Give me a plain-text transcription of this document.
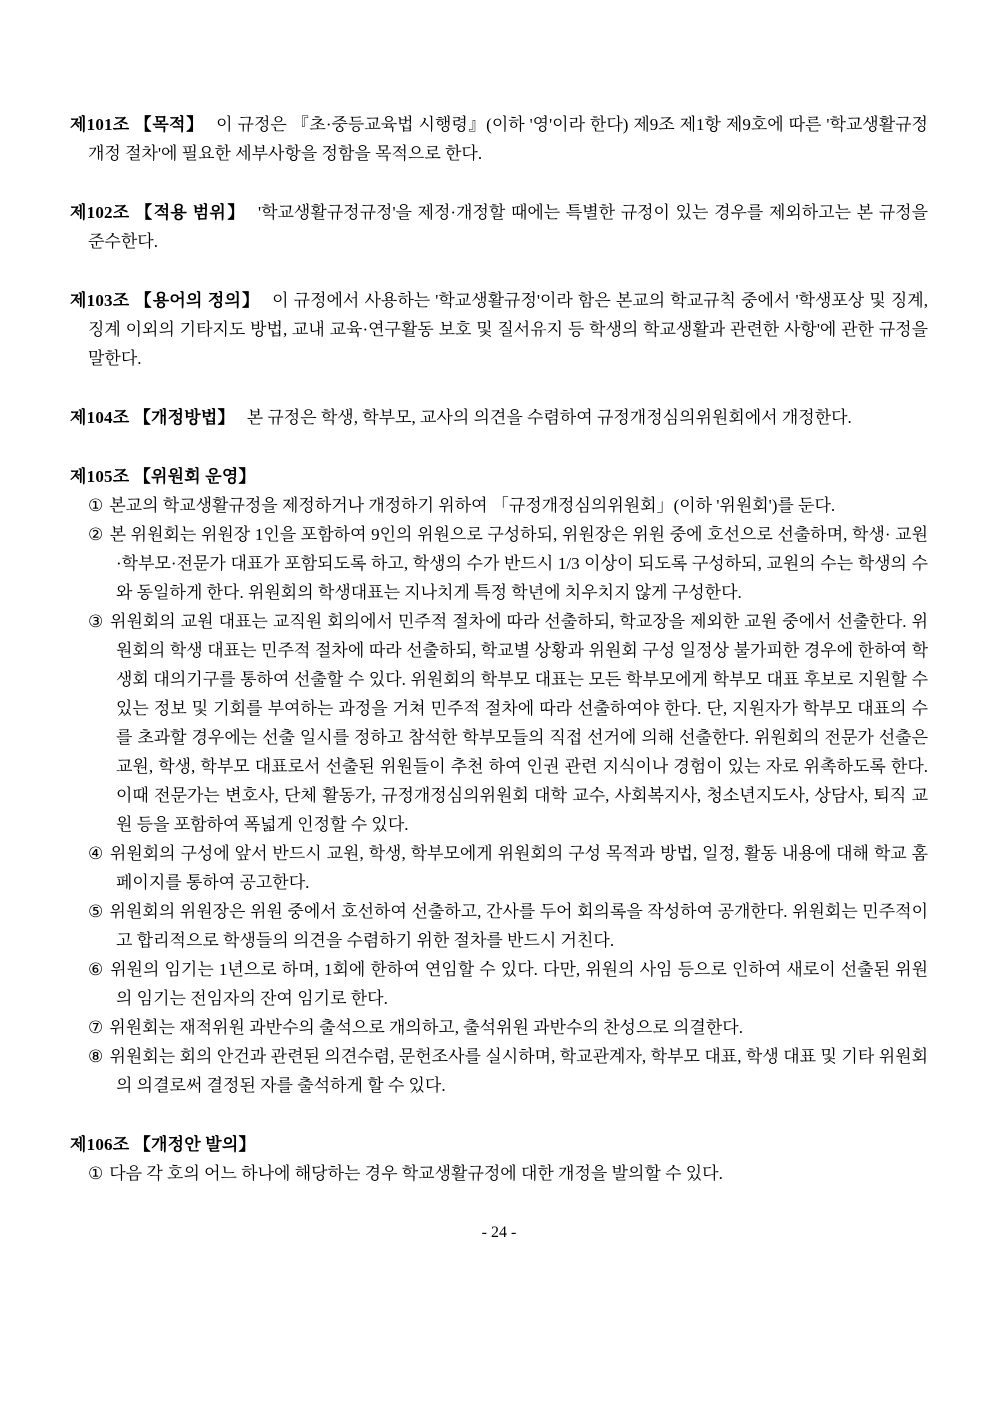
제101조 【목적】 이 규정은 『초·중등교육법 시행령』(이하 '영'이라 한다) 제9조 제1항 제9호에 따른 '학교생활규정 개정 절차'에 필요한 세부사항을 정함을 목적으로 한다.

제102조 【적용 범위】 '학교생활규정규정'을 제정·개정할 때에는 특별한 규정이 있는 경우를 제외하고는 본 규정을 준수한다.

제103조 【용어의 정의】 이 규정에서 사용하는 '학교생활규정'이라 함은 본교의 학교규칙 중에서 '학생포상 및 징계, 징계 이외의 기타지도 방법, 교내 교육·연구활동 보호 및 질서유지 등 학생의 학교생활과 관련한 사항'에 관한 규정을 말한다.

제104조 【개정방법】 본 규정은 학생, 학부모, 교사의 의견을 수렴하여 규정개정심의위원회에서 개정한다.

제105조 【위원회 운영】

① 본교의 학교생활규정을 제정하거나 개정하기 위하여 「규정개정심의위원회」(이하 '위원회')를 둔다.

② 본 위원회는 위원장 1인을 포함하여 9인의 위원으로 구성하되, 위원장은 위원 중에 호선으로 선출하며, 학생· 교원·학부모·전문가 대표가 포함되도록 하고, 학생의 수가 반드시 1/3 이상이 되도록 구성하되, 교원의 수는 학생의 수와 동일하게 한다. 위원회의 학생대표는 지나치게 특정 학년에 치우치지 않게 구성한다.

③ 위원회의 교원 대표는 교직원 회의에서 민주적 절차에 따라 선출하되, 학교장을 제외한 교원 중에서 선출한다. 위원회의 학생 대표는 민주적 절차에 따라 선출하되, 학교별 상황과 위원회 구성 일정상 불가피한 경우에 한하여 학생회 대의기구를 통하여 선출할 수 있다. 위원회의 학부모 대표는 모든 학부모에게 학부모 대표 후보로 지원할 수 있는 정보 및 기회를 부여하는 과정을 거쳐 민주적 절차에 따라 선출하여야 한다. 단, 지원자가 학부모 대표의 수를 초과할 경우에는 선출 일시를 정하고 참석한 학부모들의 직접 선거에 의해 선출한다. 위원회의 전문가 선출은 교원, 학생, 학부모 대표로서 선출된 위원들이 추천 하여 인권 관련 지식이나 경험이 있는 자로 위촉하도록 한다. 이때 전문가는 변호사, 단체 활동가, 규정개정심의위원회 대학 교수, 사회복지사, 청소년지도사, 상담사, 퇴직 교원 등을 포함하여 폭넓게 인정할 수 있다.

④ 위원회의 구성에 앞서 반드시 교원, 학생, 학부모에게 위원회의 구성 목적과 방법, 일정, 활동 내용에 대해 학교 홈페이지를 통하여 공고한다.

⑤ 위원회의 위원장은 위원 중에서 호선하여 선출하고, 간사를 두어 회의록을 작성하여 공개한다. 위원회는 민주적이고 합리적으로 학생들의 의견을 수렴하기 위한 절차를 반드시 거친다.

⑥ 위원의 임기는 1년으로 하며, 1회에 한하여 연임할 수 있다. 다만, 위원의 사임 등으로 인하여 새로이 선출된 위원의 임기는 전임자의 잔여 임기로 한다.

⑦ 위원회는 재적위원 과반수의 출석으로 개의하고, 출석위원 과반수의 찬성으로 의결한다.

⑧ 위원회는 회의 안건과 관련된 의견수렴, 문헌조사를 실시하며, 학교관계자, 학부모 대표, 학생 대표 및 기타 위원회의 의결로써 결정된 자를 출석하게 할 수 있다.

제106조 【개정안 발의】

① 다음 각 호의 어느 하나에 해당하는 경우 학교생활규정에 대한 개정을 발의할 수 있다.

- 24 -
